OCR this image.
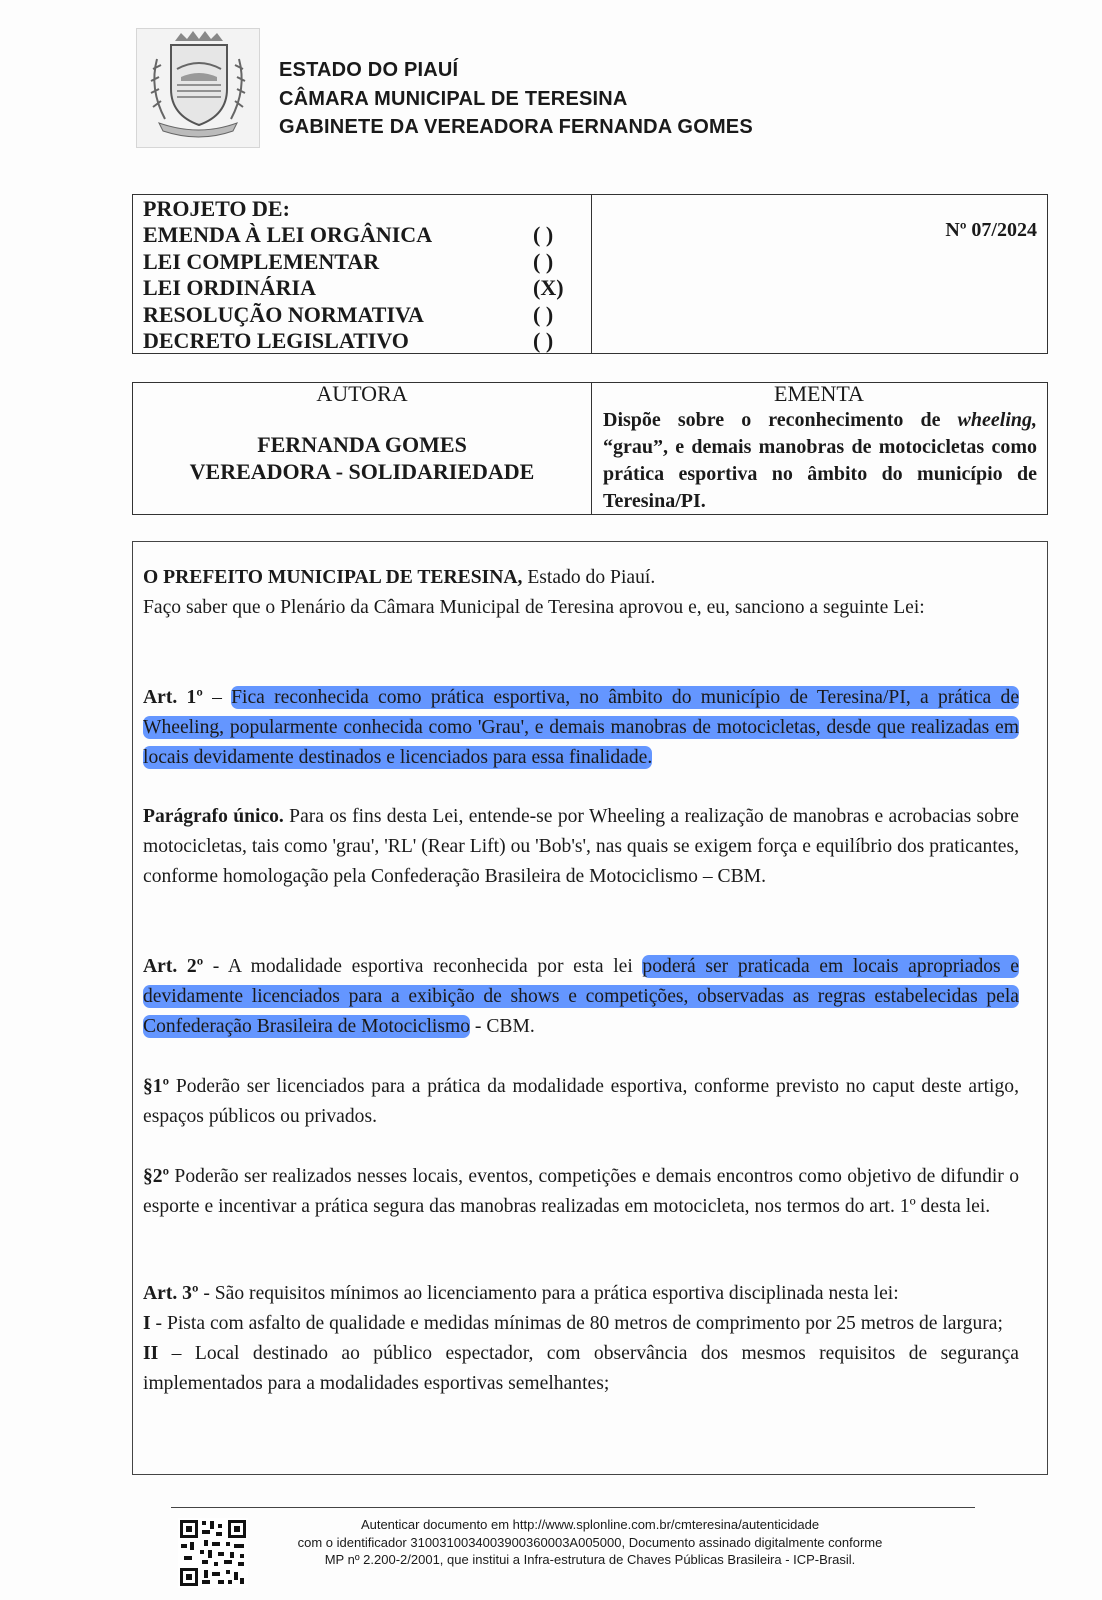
ESTADO DO PIAUÍ
CÂMARA MUNICIPAL DE TERESINA
GABINETE DA VEREADORA FERNANDA GOMES
PROJETO DE:
EMENDA À LEI ORGÂNICA	( )
LEI COMPLEMENTAR	( )
LEI ORDINÁRIA	(X)
RESOLUÇÃO NORMATIVA	( )
DECRETO LEGISLATIVO	( )
Nº 07/2024
AUTORA
FERNANDA GOMES
VEREADORA - SOLIDARIEDADE
EMENTA
Dispõe sobre o reconhecimento de wheeling, “grau”, e demais manobras de motocicletas como prática esportiva no âmbito do município de Teresina/PI.
O PREFEITO MUNICIPAL DE TERESINA, Estado do Piauí.
Faço saber que o Plenário da Câmara Municipal de Teresina aprovou e, eu, sanciono a seguinte Lei:
Art. 1º – Fica reconhecida como prática esportiva, no âmbito do município de Teresina/PI, a prática de Wheeling, popularmente conhecida como 'Grau', e demais manobras de motocicletas, desde que realizadas em locais devidamente destinados e licenciados para essa finalidade.
Parágrafo único. Para os fins desta Lei, entende-se por Wheeling a realização de manobras e acrobacias sobre motocicletas, tais como 'grau', 'RL' (Rear Lift) ou 'Bob's', nas quais se exigem força e equilíbrio dos praticantes, conforme homologação pela Confederação Brasileira de Motociclismo – CBM.
Art. 2º - A modalidade esportiva reconhecida por esta lei poderá ser praticada em locais apropriados e devidamente licenciados para a exibição de shows e competições, observadas as regras estabelecidas pela Confederação Brasileira de Motociclismo - CBM.
§1º Poderão ser licenciados para a prática da modalidade esportiva, conforme previsto no caput deste artigo, espaços públicos ou privados.
§2º Poderão ser realizados nesses locais, eventos, competições e demais encontros como objetivo de difundir o esporte e incentivar a prática segura das manobras realizadas em motocicleta, nos termos do art. 1º desta lei.
Art. 3º - São requisitos mínimos ao licenciamento para a prática esportiva disciplinada nesta lei:
I - Pista com asfalto de qualidade e medidas mínimas de 80 metros de comprimento por 25 metros de largura;
II – Local destinado ao público espectador, com observância dos mesmos requisitos de segurança implementados para a modalidades esportivas semelhantes;
Autenticar documento em http://www.splonline.com.br/cmteresina/autenticidade
com o identificador 3100310034003900360003A005000, Documento assinado digitalmente conforme
MP nº 2.200-2/2001, que institui a Infra-estrutura de Chaves Públicas Brasileira - ICP-Brasil.
